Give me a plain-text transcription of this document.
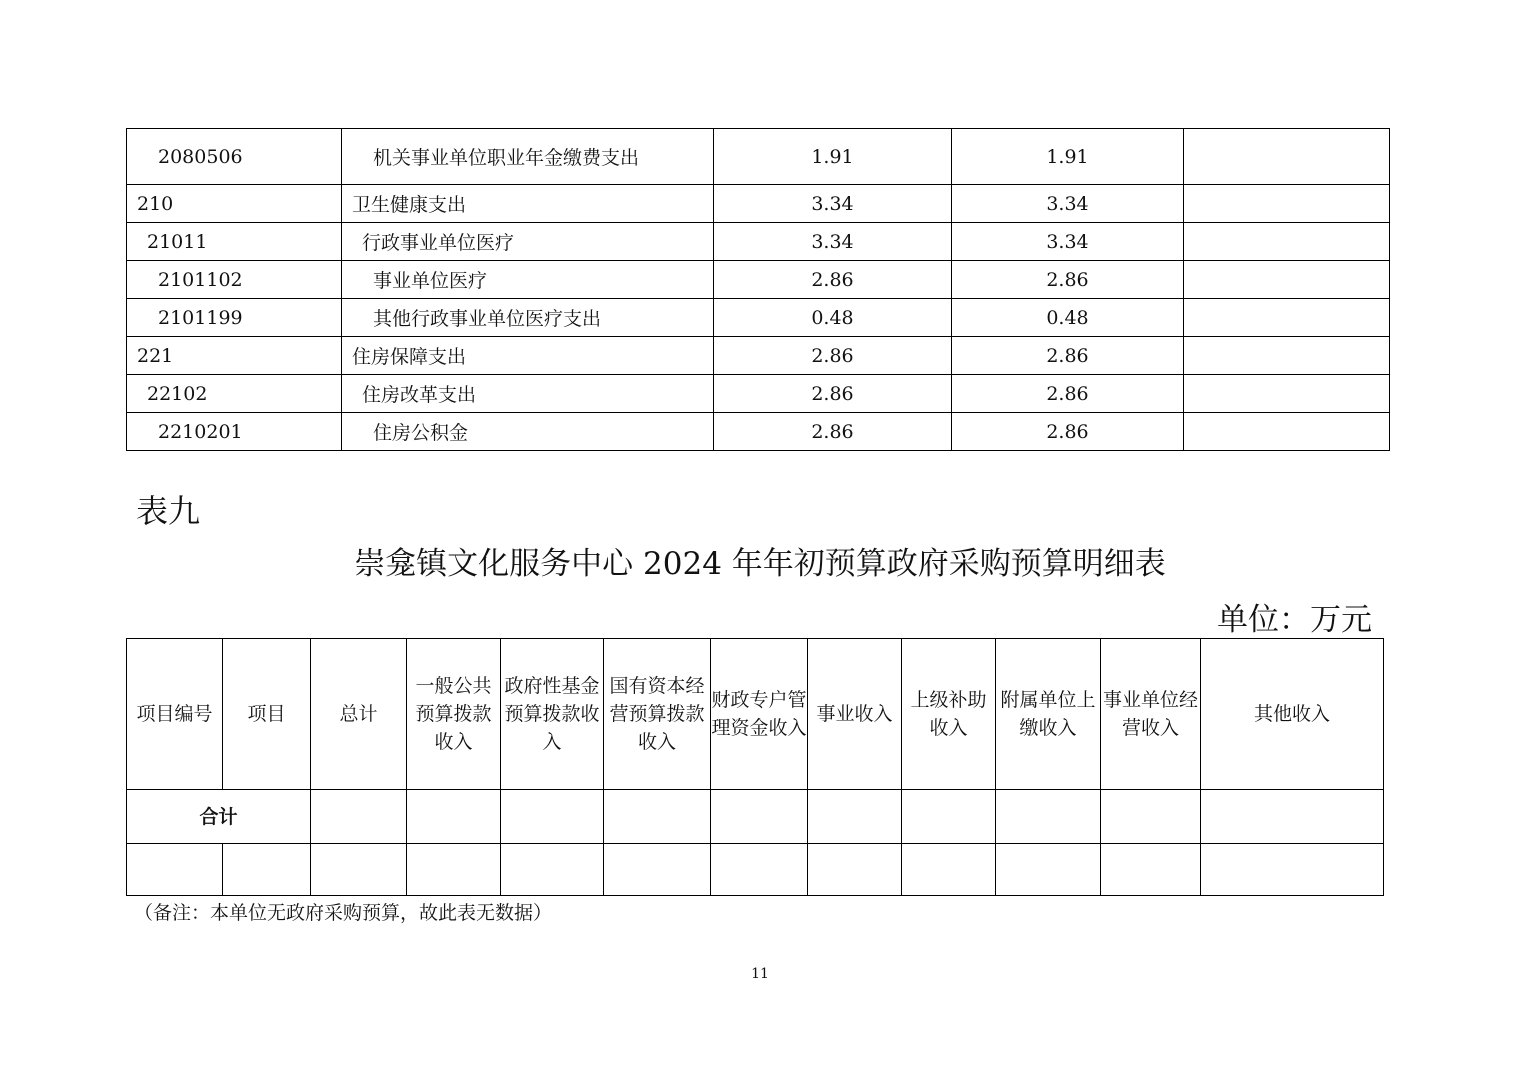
2080506	机关事业单位职业年金缴费支出	1.91	1.91	
210	卫生健康支出	3.34	3.34	
21011	行政事业单位医疗	3.34	3.34	
2101102	事业单位医疗	2.86	2.86	
2101199	其他行政事业单位医疗支出	0.48	0.48	
221	住房保障支出	2.86	2.86	
22102	住房改革支出	2.86	2.86	
2210201	住房公积金	2.86	2.86	

表九

崇龛镇文化服务中心 2024 年年初预算政府采购预算明细表

单位：万元

项目编号	项目	总计	一般公共预算拨款收入	政府性基金预算拨款收入	国有资本经营预算拨款收入	财政专户管理资金收入	事业收入	上级补助收入	附属单位上缴收入	事业单位经营收入	其他收入
合计											

（备注：本单位无政府采购预算，故此表无数据）

11
